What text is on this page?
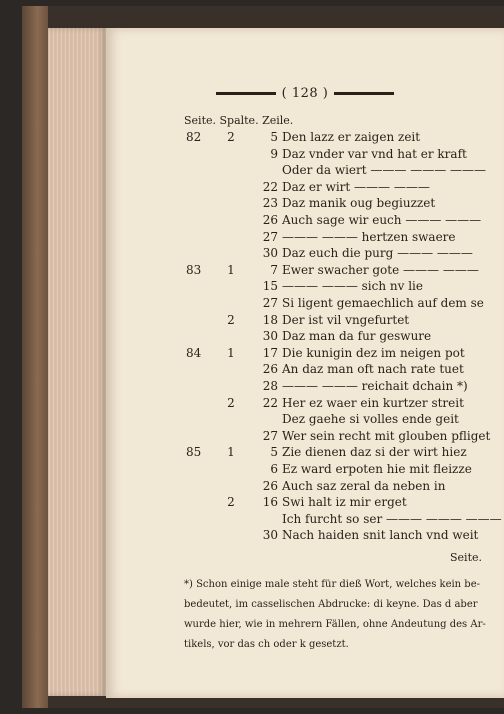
( 128 )
Seite. Spalte. Zeile.
82	2	5 Den lazz er zaigen zeit
9 Daz vnder var vnd hat er kraft
Oder da wiert ——— ——— ———
22 Daz er wirt ——— ———
23 Daz manik oug begiuzzet
26 Auch sage wir euch ——— ———
27 ——— ——— hertzen swaere
30 Daz euch die purg ——— ———
83	1	7 Ewer swacher gote ——— ———
15 ——— ——— sich nv lie
27 Si ligent gemaechlich auf dem se
2	18 Der ist vil vngefurtet
30 Daz man da fur geswure
84	1	17 Die kunigin dez im neigen pot
26 An daz man oft nach rate tuet
28 ——— ——— reichait dchain *)
2	22 Her ez waer ein kurtzer streit
Dez gaehe si volles ende geit
27 Wer sein recht mit glouben pfliget
85	1	5 Zie dienen daz si der wirt hiez
6 Ez ward erpoten hie mit fleizze
26 Auch saz zeral da neben in
2	16 Swi halt iz mir erget
Ich furcht so ser ——— ——— ———
30 Nach haiden snit lanch vnd weit
Seite.

*) Schon einige male steht für dieß Wort, welches kein be-

bedeutet, im casselischen Abdrucke: di keyne. Das d aber

wurde hier, wie in mehrern Fällen, ohne Andeutung des Ar-

tikels, vor das ch oder k gesetzt.
